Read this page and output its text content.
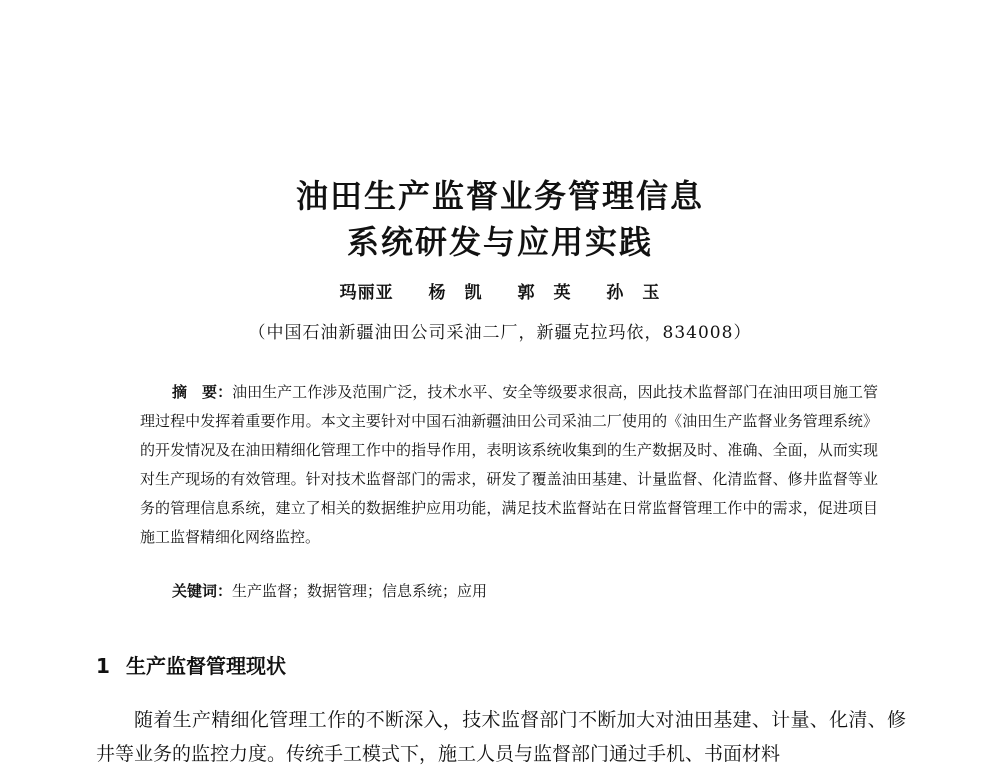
油田生产监督业务管理信息
系统研发与应用实践
玛丽亚 杨　凯 郭　英 孙　玉
（中国石油新疆油田公司采油二厂，新疆克拉玛依，834008）
摘　要：油田生产工作涉及范围广泛，技术水平、安全等级要求很高，因此技术监督部门在油田项目施工管理过程中发挥着重要作用。本文主要针对中国石油新疆油田公司采油二厂使用的《油田生产监督业务管理系统》的开发情况及在油田精细化管理工作中的指导作用，表明该系统收集到的生产数据及时、准确、全面，从而实现对生产现场的有效管理。针对技术监督部门的需求，研发了覆盖油田基建、计量监督、化清监督、修井监督等业务的管理信息系统，建立了相关的数据维护应用功能，满足技术监督站在日常监督管理工作中的需求，促进项目施工监督精细化网络监控。
关键词：生产监督；数据管理；信息系统；应用
1 生产监督管理现状
随着生产精细化管理工作的不断深入，技术监督部门不断加大对油田基建、计量、化清、修井等业务的监控力度。传统手工模式下，施工人员与监督部门通过手机、书面材料
